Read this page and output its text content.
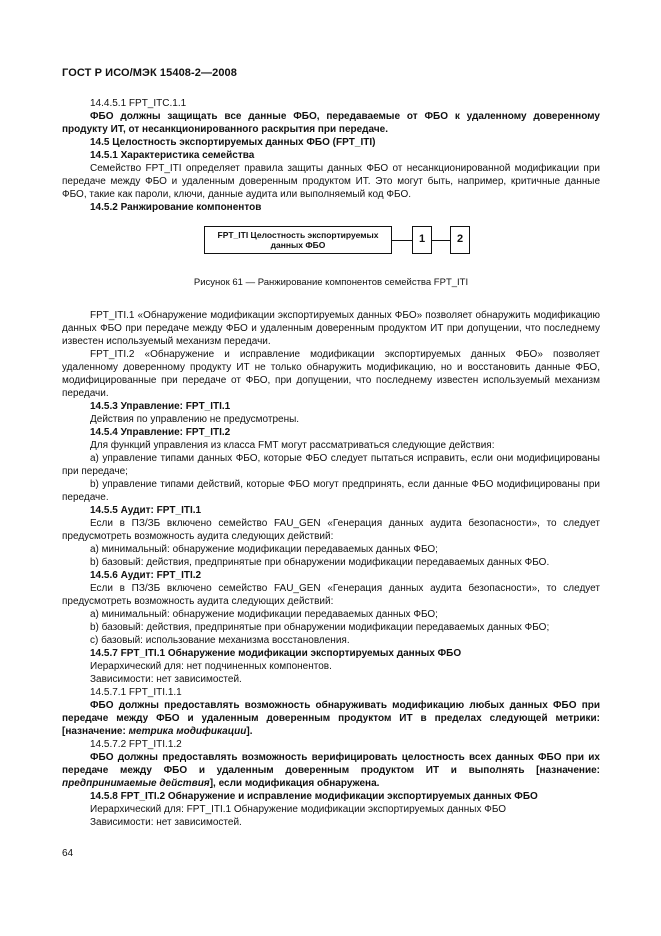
ГОСТ Р ИСО/МЭК 15408-2—2008

14.4.5.1 FPT_ITC.1.1

ФБО должны защищать все данные ФБО, передаваемые от ФБО к удаленному доверенному продукту ИТ, от несанкционированного раскрытия при передаче.

14.5 Целостность экспортируемых данных ФБО (FPT_ITI)

14.5.1 Характеристика семейства

Семейство FPT_ITI определяет правила защиты данных ФБО от несанкционированной модификации при передаче между ФБО и удаленным доверенным продуктом ИТ. Это могут быть, например, критичные данные ФБО, такие как пароли, ключи, данные аудита или выполняемый код ФБО.

14.5.2 Ранжирование компонентов

FPT_ITI Целостность экспортируемых данных ФБО	1	2

Рисунок 61 — Ранжирование компонентов семейства FPT_ITI

FPT_ITI.1 «Обнаружение модификации экспортируемых данных ФБО» позволяет обнаружить модификацию данных ФБО при передаче между ФБО и удаленным доверенным продуктом ИТ при допущении, что последнему известен используемый механизм передачи.

FPT_ITI.2 «Обнаружение и исправление модификации экспортируемых данных ФБО» позволяет удаленному доверенному продукту ИТ не только обнаружить модификацию, но и восстановить данные ФБО, модифицированные при передаче от ФБО, при допущении, что последнему известен используемый механизм передачи.

14.5.3 Управление: FPT_ITI.1

Действия по управлению не предусмотрены.

14.5.4 Управление: FPT_ITI.2

Для функций управления из класса FMT могут рассматриваться следующие действия:

a) управление типами данных ФБО, которые ФБО следует пытаться исправить, если они модифицированы при передаче;

b) управление типами действий, которые ФБО могут предпринять, если данные ФБО модифицированы при передаче.

14.5.5 Аудит: FPT_ITI.1

Если в ПЗ/ЗБ включено семейство FAU_GEN «Генерация данных аудита безопасности», то следует предусмотреть возможность аудита следующих действий:

а) минимальный: обнаружение модификации передаваемых данных ФБО;

b) базовый: действия, предпринятые при обнаружении модификации передаваемых данных ФБО.

14.5.6 Аудит: FPT_ITI.2

Если в ПЗ/ЗБ включено семейство FAU_GEN «Генерация данных аудита безопасности», то следует предусмотреть возможность аудита следующих действий:

а) минимальный: обнаружение модификации передаваемых данных ФБО;

b) базовый: действия, предпринятые при обнаружении модификации передаваемых данных ФБО;

c) базовый: использование механизма восстановления.

14.5.7 FPT_ITI.1 Обнаружение модификации экспортируемых данных ФБО

Иерархический для: нет подчиненных компонентов.

Зависимости: нет зависимостей.

14.5.7.1 FPT_ITI.1.1

ФБО должны предоставлять возможность обнаруживать модификацию любых данных ФБО при передаче между ФБО и удаленным доверенным продуктом ИТ в пределах следующей метрики: [назначение: метрика модификации].

14.5.7.2 FPT_ITI.1.2

ФБО должны предоставлять возможность верифицировать целостность всех данных ФБО при их передаче между ФБО и удаленным доверенным продуктом ИТ и выполнять [назначение: предпринимаемые действия], если модификация обнаружена.

14.5.8 FPT_ITI.2 Обнаружение и исправление модификации экспортируемых данных ФБО

Иерархический для: FPT_ITI.1 Обнаружение модификации экспортируемых данных ФБО

Зависимости: нет зависимостей.

64
